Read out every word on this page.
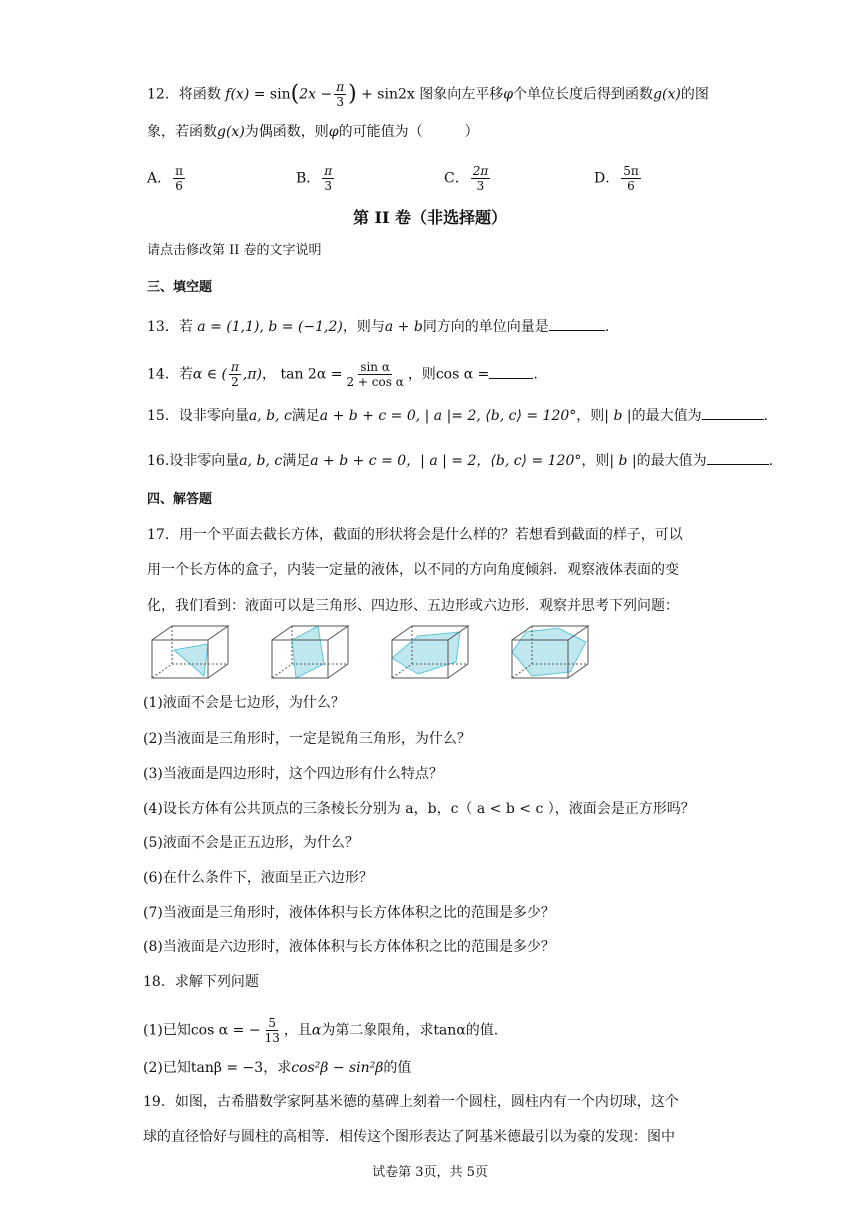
12．将函数 $f(x) = \sin(2x - \frac{\pi}{3}$ ) + sin2x 图象向左平移φ个单位长度后得到函数g(x)的图
象，若函数g(x)为偶函数，则φ的可能值为（　　　）
A． $\frac{\pi}{6}$	B． $\frac{\pi}{3}$	C． $\frac{2\pi}{3}$	D． $\frac{5\pi}{6}$
第 II 卷（非选择题）
请点击修改第 II 卷的文字说明
三、填空题
13．若 a = (1,1), b = (−1,2)，则与a + b同方向的单位向量是	.
14．若α ∈ ( $\frac{\pi}{2} ,\pi$)， $\tan 2\alpha = \frac{\text{sin α}}{\text{2 + cos α}}$ ，则cos α =	.
15．设非零向量a, b, c满足a + b + c = 0, | a |= 2, ⟨b, c⟩ = 120°，则| b |的最大值为	.
16.设非零向量a, b, c满足a + b + c = 0，| a | = 2，⟨b, c⟩ = 120°，则| b |的最大值为	.
四、解答题
17．用一个平面去截长方体，截面的形状将会是什么样的？若想看到截面的样子，可以
用一个长方体的盒子，内装一定量的液体，以不同的方向角度倾斜．观察液体表面的变
化，我们看到：液面可以是三角形、四边形、五边形或六边形．观察并思考下列问题：
(1)液面不会是七边形，为什么？
(2)当液面是三角形时，一定是锐角三角形，为什么？
(3)当液面是四边形时，这个四边形有什么特点？
(4)设长方体有公共顶点的三条棱长分别为 a，b，c（ a < b < c ），液面会是正方形吗？
(5)液面不会是正五边形，为什么？
(6)在什么条件下，液面呈正六边形？
(7)当液面是三角形时，液体体积与长方体体积之比的范围是多少？
(8)当液面是六边形时，液体体积与长方体体积之比的范围是多少？
18．求解下列问题
(1)已知cos α = − $\frac{5}{13}$ ，且α为第二象限角，求tanα的值.
(2)已知tanβ = −3，求cos²β − sin²β的值
19．如图，古希腊数学家阿基米德的墓碑上刻着一个圆柱，圆柱内有一个内切球，这个
球的直径恰好与圆柱的高相等．相传这个图形表达了阿基米德最引以为豪的发现：图中
试卷第 3页，共 5页
